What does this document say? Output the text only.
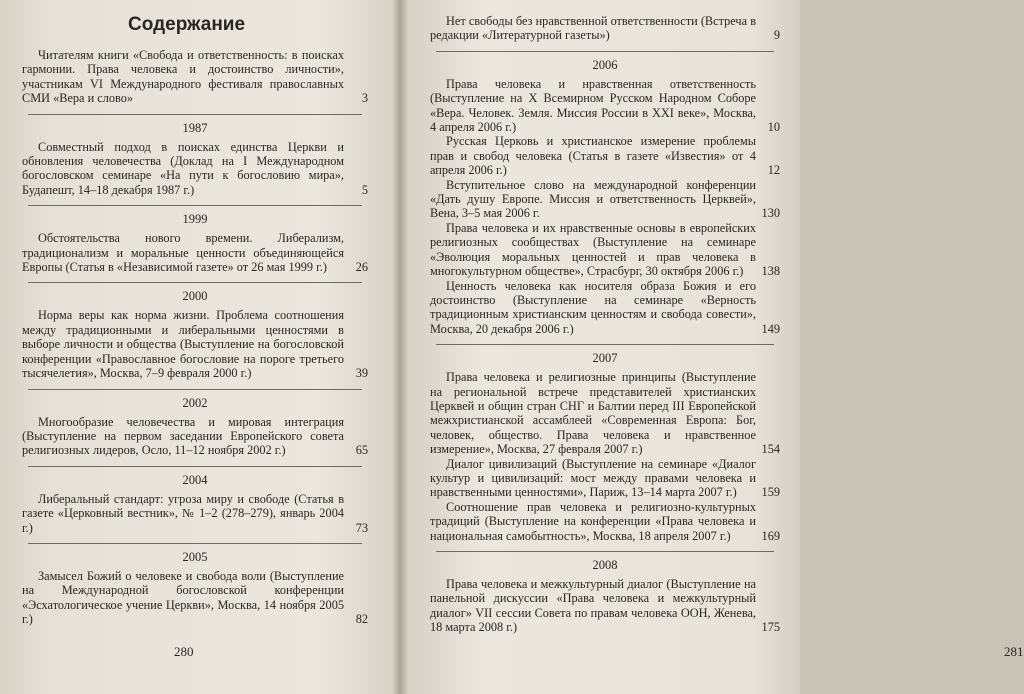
Содержание

Читателям книги «Свобода и ответственность: в поисках гармонии. Права человека и достоинство личности», участникам VI Международного фестиваля православных СМИ «Вера и слово»	3

1987

Совместный подход в поисках единства Церкви и обновления человечества (Доклад на I Международном богословском семинаре «На пути к богословию мира», Будапешт, 14–18 декабря 1987 г.)	5

1999

Обстоятельства нового времени. Либерализм, традиционализм и моральные ценности объединяющейся Европы (Статья в «Независимой газете» от 26 мая 1999 г.) 26

2000

Норма веры как норма жизни. Проблема соотношения между традиционными и либеральными ценностями в выборе личности и общества (Выступление на богословской конференции «Православное богословие на пороге третьего тысячелетия», Москва, 7–9 февраля 2000 г.)	39

2002

Многообразие человечества и мировая интеграция (Выступление на первом заседании Европейского совета религиозных лидеров, Осло, 11–12 ноября 2002 г.)	65

2004

Либеральный стандарт: угроза миру и свободе (Статья в газете «Церковный вестник», № 1–2 (278–279), январь 2004 г.)	73

2005

Замысел Божий о человеке и свобода воли (Выступление на Международной богословской конференции «Эсхатологическое учение Церкви», Москва, 14 ноября 2005 г.)	82

280	281

Нет свободы без нравственной ответственности (Встреча в редакции «Литературной газеты»)	9

2006

Права человека и нравственная ответственность (Выступление на X Всемирном Русском Народном Соборе «Вера. Человек. Земля. Миссия России в XXI веке», Москва, 4 апреля 2006 г.)	10

Русская Церковь и христианское измерение проблемы прав и свобод человека (Статья в газете «Известия» от 4 апреля 2006 г.)	12

Вступительное слово на международной конференции «Дать душу Европе. Миссия и ответственность Церквей», Вена, 3–5 мая 2006 г.	130

Права человека и их нравственные основы в европейских религиозных сообществах (Выступление на семинаре «Эволюция моральных ценностей и прав человека в многокультурном обществе», Страсбург, 30 октября 2006 г.) 138

Ценность человека как носителя образа Божия и его достоинство (Выступление на семинаре «Верность традиционным христианским ценностям и свобода совести», Москва, 20 декабря 2006 г.)	149

2007

Права человека и религиозные принципы (Выступление на региональной встрече представителей христианских Церквей и общин стран СНГ и Балтии перед III Европейской межхристианской ассамблеей «Современная Европа: Бог, человек, общество. Права человека и нравственное измерение», Москва, 27 февраля 2007 г.)	154

Диалог цивилизаций (Выступление на семинаре «Диалог культур и цивилизаций: мост между правами человека и нравственными ценностями», Париж, 13–14 марта 2007 г.) 159

Соотношение прав человека и религиозно-культурных традиций (Выступление на конференции «Права человека и национальная самобытность», Москва, 18 апреля 2007 г.)	169

2008

Права человека и межкультурный диалог (Выступление на панельной дискуссии «Права человека и межкультурный диалог» VII сессии Совета по правам человека ООН, Женева, 18 марта 2008 г.)	175
